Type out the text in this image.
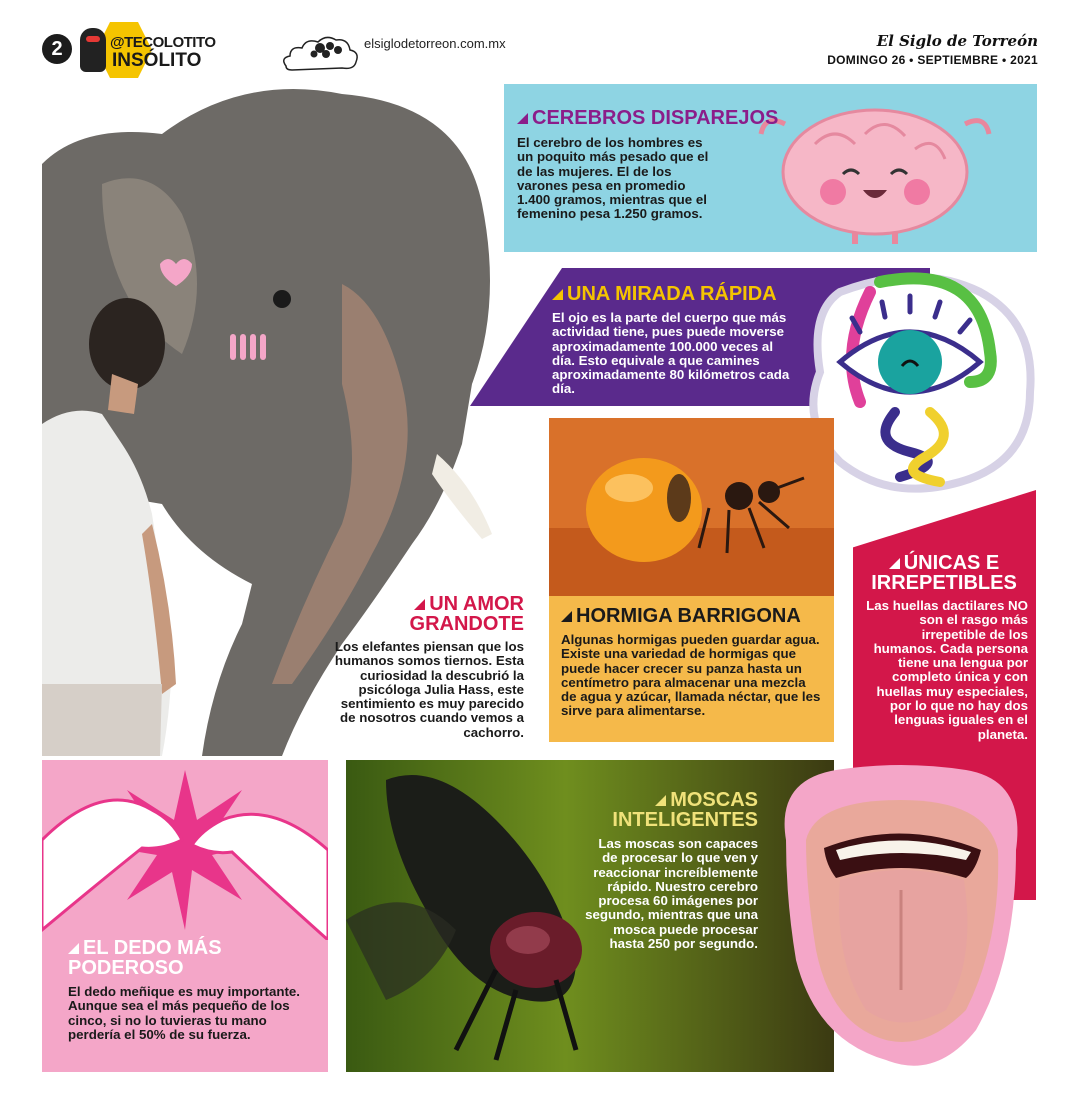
2	@TECOLOTITO
INSÓLITO
elsiglodetorreon.com.mx	El Siglo de Torreón
DOMINGO 26 • SEPTIEMBRE • 2021
CEREBROS DISPAREJOS
El cerebro de los hombres es un poquito más pesado que el de las mujeres. El de los varones pesa en promedio 1.400 gramos, mientras que el femenino pesa 1.250 gramos.
UN AMOR GRANDOTE
Los elefantes piensan que los humanos somos tiernos. Esta curiosidad la descubrió la psicóloga Julia Hass, este sentimiento es muy parecido de nosotros cuando vemos a cachorro.
UNA MIRADA RÁPIDA
El ojo es la parte del cuerpo que más actividad tiene, pues puede moverse aproximadamente 100.000 veces al día. Esto equivale a que camines aproximadamente 80 kilómetros cada día.
HORMIGA BARRIGONA
Algunas hormigas pueden guardar agua. Existe una variedad de hormigas que puede hacer crecer su panza hasta un centímetro para almacenar una mezcla de agua y azúcar, llamada néctar, que les sirve para alimentarse.
ÚNICAS E IRREPETIBLES
Las huellas dactilares NO son el rasgo más irrepetible de los humanos. Cada persona tiene una lengua por completo única y con huellas muy especiales, por lo que no hay dos lenguas iguales en el planeta.
EL DEDO MÁS PODEROSO
El dedo meñique es muy importante. Aunque sea el más pequeño de los cinco, si no lo tuvieras tu mano perdería el 50% de su fuerza.
MOSCAS INTELIGENTES
Las moscas son capaces de procesar lo que ven y reaccionar increíblemente rápido. Nuestro cerebro procesa 60 imágenes por segundo, mientras que una mosca puede procesar hasta 250 por segundo.
